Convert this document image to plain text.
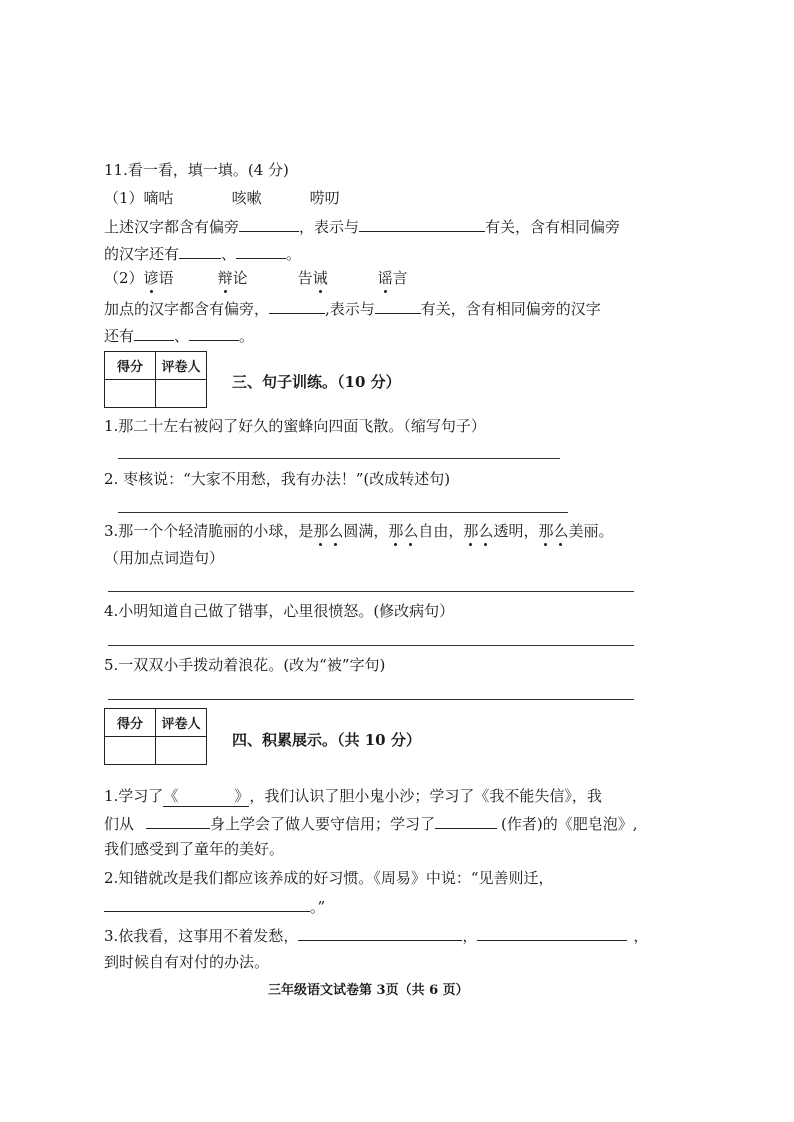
11.看一看，填一填。(4 分)
（1）嘀咕	咳嗽	唠叨
上述汉字都含有偏旁	，表示与	有关，含有相同偏旁
的汉字还有	、	。
（2）谚语	辩论	告诫	谣言
加点的汉字都含有偏旁，	,表示与	有关，含有相同偏旁的汉字
还有	、	。
得分	评卷人

三、句子训练。（10 分）
1.那二十左右被闷了好久的蜜蜂向四面飞散。（缩写句子）
2. 枣核说：“大家不用愁，我有办法！”(改成转述句)
3.那一个个轻清脆丽的小球，是那么圆满，那么自由，那么透明，那么美丽。
（用加点词造句）
4.小明知道自己做了错事，心里很愤怒。(修改病句）
5.一双双小手拨动着浪花。(改为“被”字句)
得分	评卷人

四、积累展示。（共 10 分）
1.学习了《	》，我们认识了胆小鬼小沙；学习了《我不能失信》，我
们从	身上学会了做人要守信用；学习了	(作者)的《肥皂泡》,
我们感受到了童年的美好。
2.知错就改是我们都应该养成的好习惯。《周易》中说：“见善则迁，
。”
3.依我看，这事用不着发愁，	，	，
到时候自有对付的办法。
三年级语文试卷第 3页（共 6 页）
